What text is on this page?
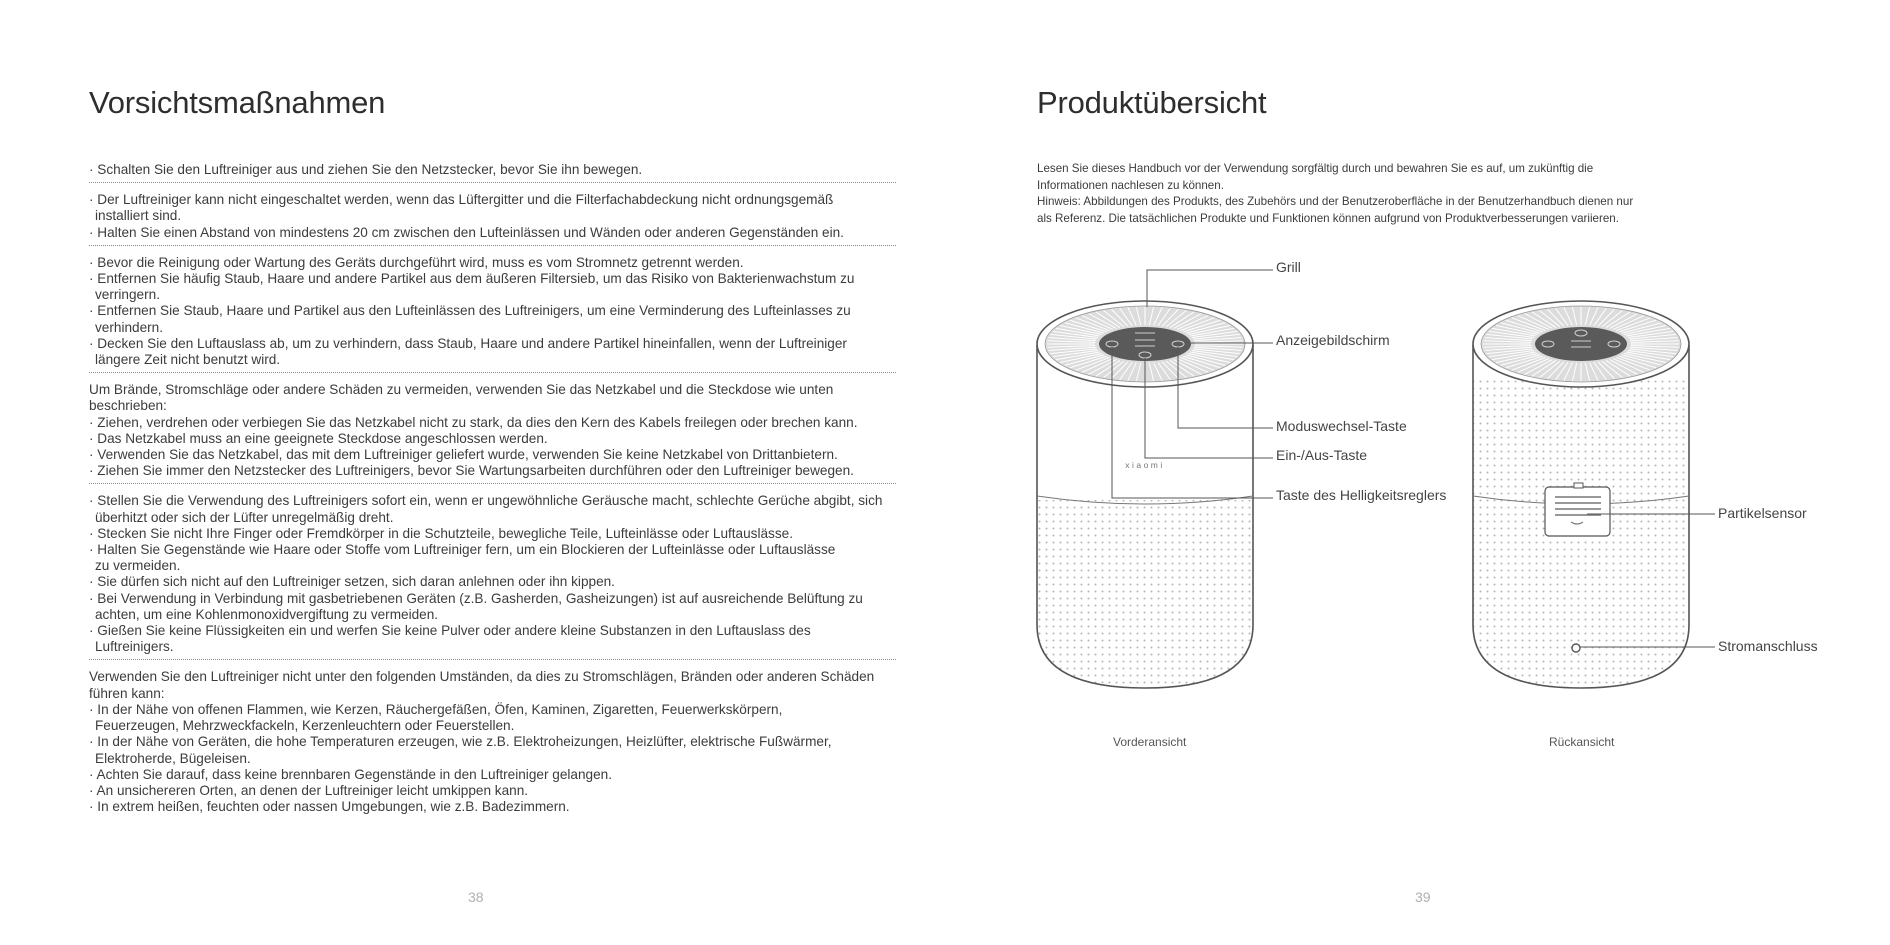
Vorsichtsmaßnahmen
· Schalten Sie den Luftreiniger aus und ziehen Sie den Netzstecker, bevor Sie ihn bewegen.
· Der Luftreiniger kann nicht eingeschaltet werden, wenn das Lüftergitter und die Filterfachabdeckung nicht ordnungsgemäß
installiert sind.
· Halten Sie einen Abstand von mindestens 20 cm zwischen den Lufteinlässen und Wänden oder anderen Gegenständen ein.
· Bevor die Reinigung oder Wartung des Geräts durchgeführt wird, muss es vom Stromnetz getrennt werden.
· Entfernen Sie häufig Staub, Haare und andere Partikel aus dem äußeren Filtersieb, um das Risiko von Bakterienwachstum zu
verringern.
· Entfernen Sie Staub, Haare und Partikel aus den Lufteinlässen des Luftreinigers, um eine Verminderung des Lufteinlasses zu
verhindern.
· Decken Sie den Luftauslass ab, um zu verhindern, dass Staub, Haare und andere Partikel hineinfallen, wenn der Luftreiniger
längere Zeit nicht benutzt wird.
Um Brände, Stromschläge oder andere Schäden zu vermeiden, verwenden Sie das Netzkabel und die Steckdose wie unten
beschrieben:
· Ziehen, verdrehen oder verbiegen Sie das Netzkabel nicht zu stark, da dies den Kern des Kabels freilegen oder brechen kann.
· Das Netzkabel muss an eine geeignete Steckdose angeschlossen werden.
· Verwenden Sie das Netzkabel, das mit dem Luftreiniger geliefert wurde, verwenden Sie keine Netzkabel von Drittanbietern.
· Ziehen Sie immer den Netzstecker des Luftreinigers, bevor Sie Wartungsarbeiten durchführen oder den Luftreiniger bewegen.
· Stellen Sie die Verwendung des Luftreinigers sofort ein, wenn er ungewöhnliche Geräusche macht, schlechte Gerüche abgibt, sich
überhitzt oder sich der Lüfter unregelmäßig dreht.
· Stecken Sie nicht Ihre Finger oder Fremdkörper in die Schutzteile, bewegliche Teile, Lufteinlässe oder Luftauslässe.
· Halten Sie Gegenstände wie Haare oder Stoffe vom Luftreiniger fern, um ein Blockieren der Lufteinlässe oder Luftauslässe
zu vermeiden.
· Sie dürfen sich nicht auf den Luftreiniger setzen, sich daran anlehnen oder ihn kippen.
· Bei Verwendung in Verbindung mit gasbetriebenen Geräten (z.B. Gasherden, Gasheizungen) ist auf ausreichende Belüftung zu
achten, um eine Kohlenmonoxidvergiftung zu vermeiden.
· Gießen Sie keine Flüssigkeiten ein und werfen Sie keine Pulver oder andere kleine Substanzen in den Luftauslass des
Luftreinigers.
Verwenden Sie den Luftreiniger nicht unter den folgenden Umständen, da dies zu Stromschlägen, Bränden oder anderen Schäden
führen kann:
· In der Nähe von offenen Flammen, wie Kerzen, Räuchergefäßen, Öfen, Kaminen, Zigaretten, Feuerwerkskörpern,
Feuerzeugen, Mehrzweckfackeln, Kerzenleuchtern oder Feuerstellen.
· In der Nähe von Geräten, die hohe Temperaturen erzeugen, wie z.B. Elektroheizungen, Heizlüfter, elektrische Fußwärmer,
Elektroherde, Bügeleisen.
· Achten Sie darauf, dass keine brennbaren Gegenstände in den Luftreiniger gelangen.
· An unsichereren Orten, an denen der Luftreiniger leicht umkippen kann.
· In extrem heißen, feuchten oder nassen Umgebungen, wie z.B. Badezimmern.
38
Produktübersicht
Lesen Sie dieses Handbuch vor der Verwendung sorgfältig durch und bewahren Sie es auf, um zukünftig die
Informationen nachlesen zu können.
Hinweis: Abbildungen des Produkts, des Zubehörs und der Benutzeroberfläche in der Benutzerhandbuch dienen nur
als Referenz. Die tatsächlichen Produkte und Funktionen können aufgrund von Produktverbesserungen variieren.
xiaomi
Grill
Anzeigebildschirm
Moduswechsel-Taste
Ein-/Aus-Taste
Taste des Helligkeitsreglers
Partikelsensor
Stromanschluss
Vorderansicht	Rückansicht
39
